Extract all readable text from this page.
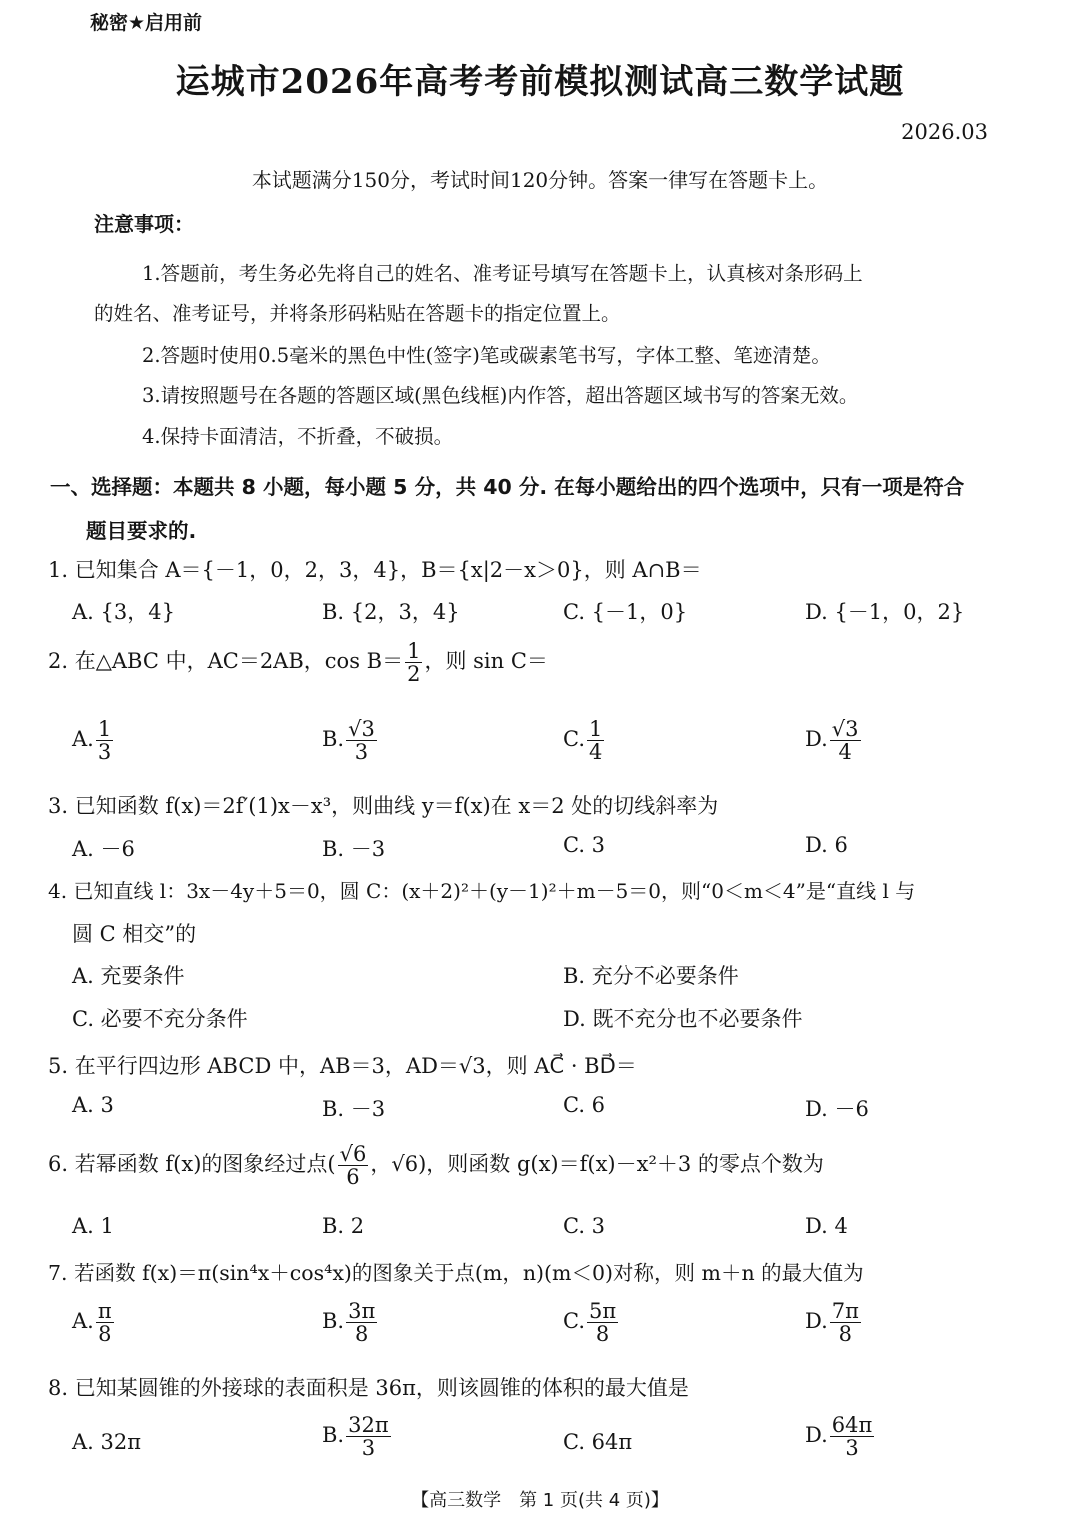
秘密★启用前
运城市2026年高考考前模拟测试高三数学试题
2026.03
本试题满分150分，考试时间120分钟。答案一律写在答题卡上。
注意事项：
1.答题前，考生务必先将自己的姓名、准考证号填写在答题卡上，认真核对条形码上
的姓名、准考证号，并将条形码粘贴在答题卡的指定位置上。
2.答题时使用0.5毫米的黑色中性(签字)笔或碳素笔书写，字体工整、笔迹清楚。
3.请按照题号在各题的答题区域(黑色线框)内作答，超出答题区域书写的答案无效。
4.保持卡面清洁，不折叠，不破损。
一、选择题：本题共 8 小题，每小题 5 分，共 40 分. 在每小题给出的四个选项中，只有一项是符合
题目要求的.
1. 已知集合 A＝{－1，0，2，3，4}，B＝{x|2－x＞0}，则 A∩B＝
A. {3，4}	B. {2，3，4}	C. {－1，0}	D. {－1，0，2}
2. 在△ABC 中，AC＝2AB，$\cos B= \frac{1}{2}$ ，则 sin C＝
A. $\frac{1}{3}$	B. $\frac{√3}{3}$	C. $\frac{1}{4}$	D. $\frac{√3}{4}$
3. 已知函数 f(x)＝2f′(1)x－x³，则曲线 y＝f(x)在 x＝2 处的切线斜率为
A. －6	B. －3	C. 3	D. 6
4. 已知直线 l：3x－4y＋5＝0，圆 C：(x＋2)²＋(y－1)²＋m－5＝0，则“0＜m＜4”是“直线 l 与
圆 C 相交”的
A. 充要条件	B. 充分不必要条件
C. 必要不充分条件	D. 既不充分也不必要条件
5. 在平行四边形 ABCD 中，AB＝3，AD＝√3，则 AC⃗ · BD⃗＝
A. 3	B. －3	C. 6	D. －6
6. 若幂函数 f(x)的图象经过点( $\frac{√6}{6}$ ，√6)，则函数 g(x)＝f(x)－x²＋3 的零点个数为
A. 1	B. 2	C. 3	D. 4
7. 若函数 f(x)＝π(sin⁴x＋cos⁴x)的图象关于点(m，n)(m＜0)对称，则 m＋n 的最大值为
A. $\frac{\pi}{8}$	B. $\frac{3\pi}{8}$	C. $\frac{5\pi}{8}$	D. $\frac{7\pi}{8}$
8. 已知某圆锥的外接球的表面积是 36π，则该圆锥的体积的最大值是
A. 32π	B. $\frac{32\pi}{3}$	C. 64π	D. $\frac{64\pi}{3}$
【高三数学　第 1 页(共 4 页)】
